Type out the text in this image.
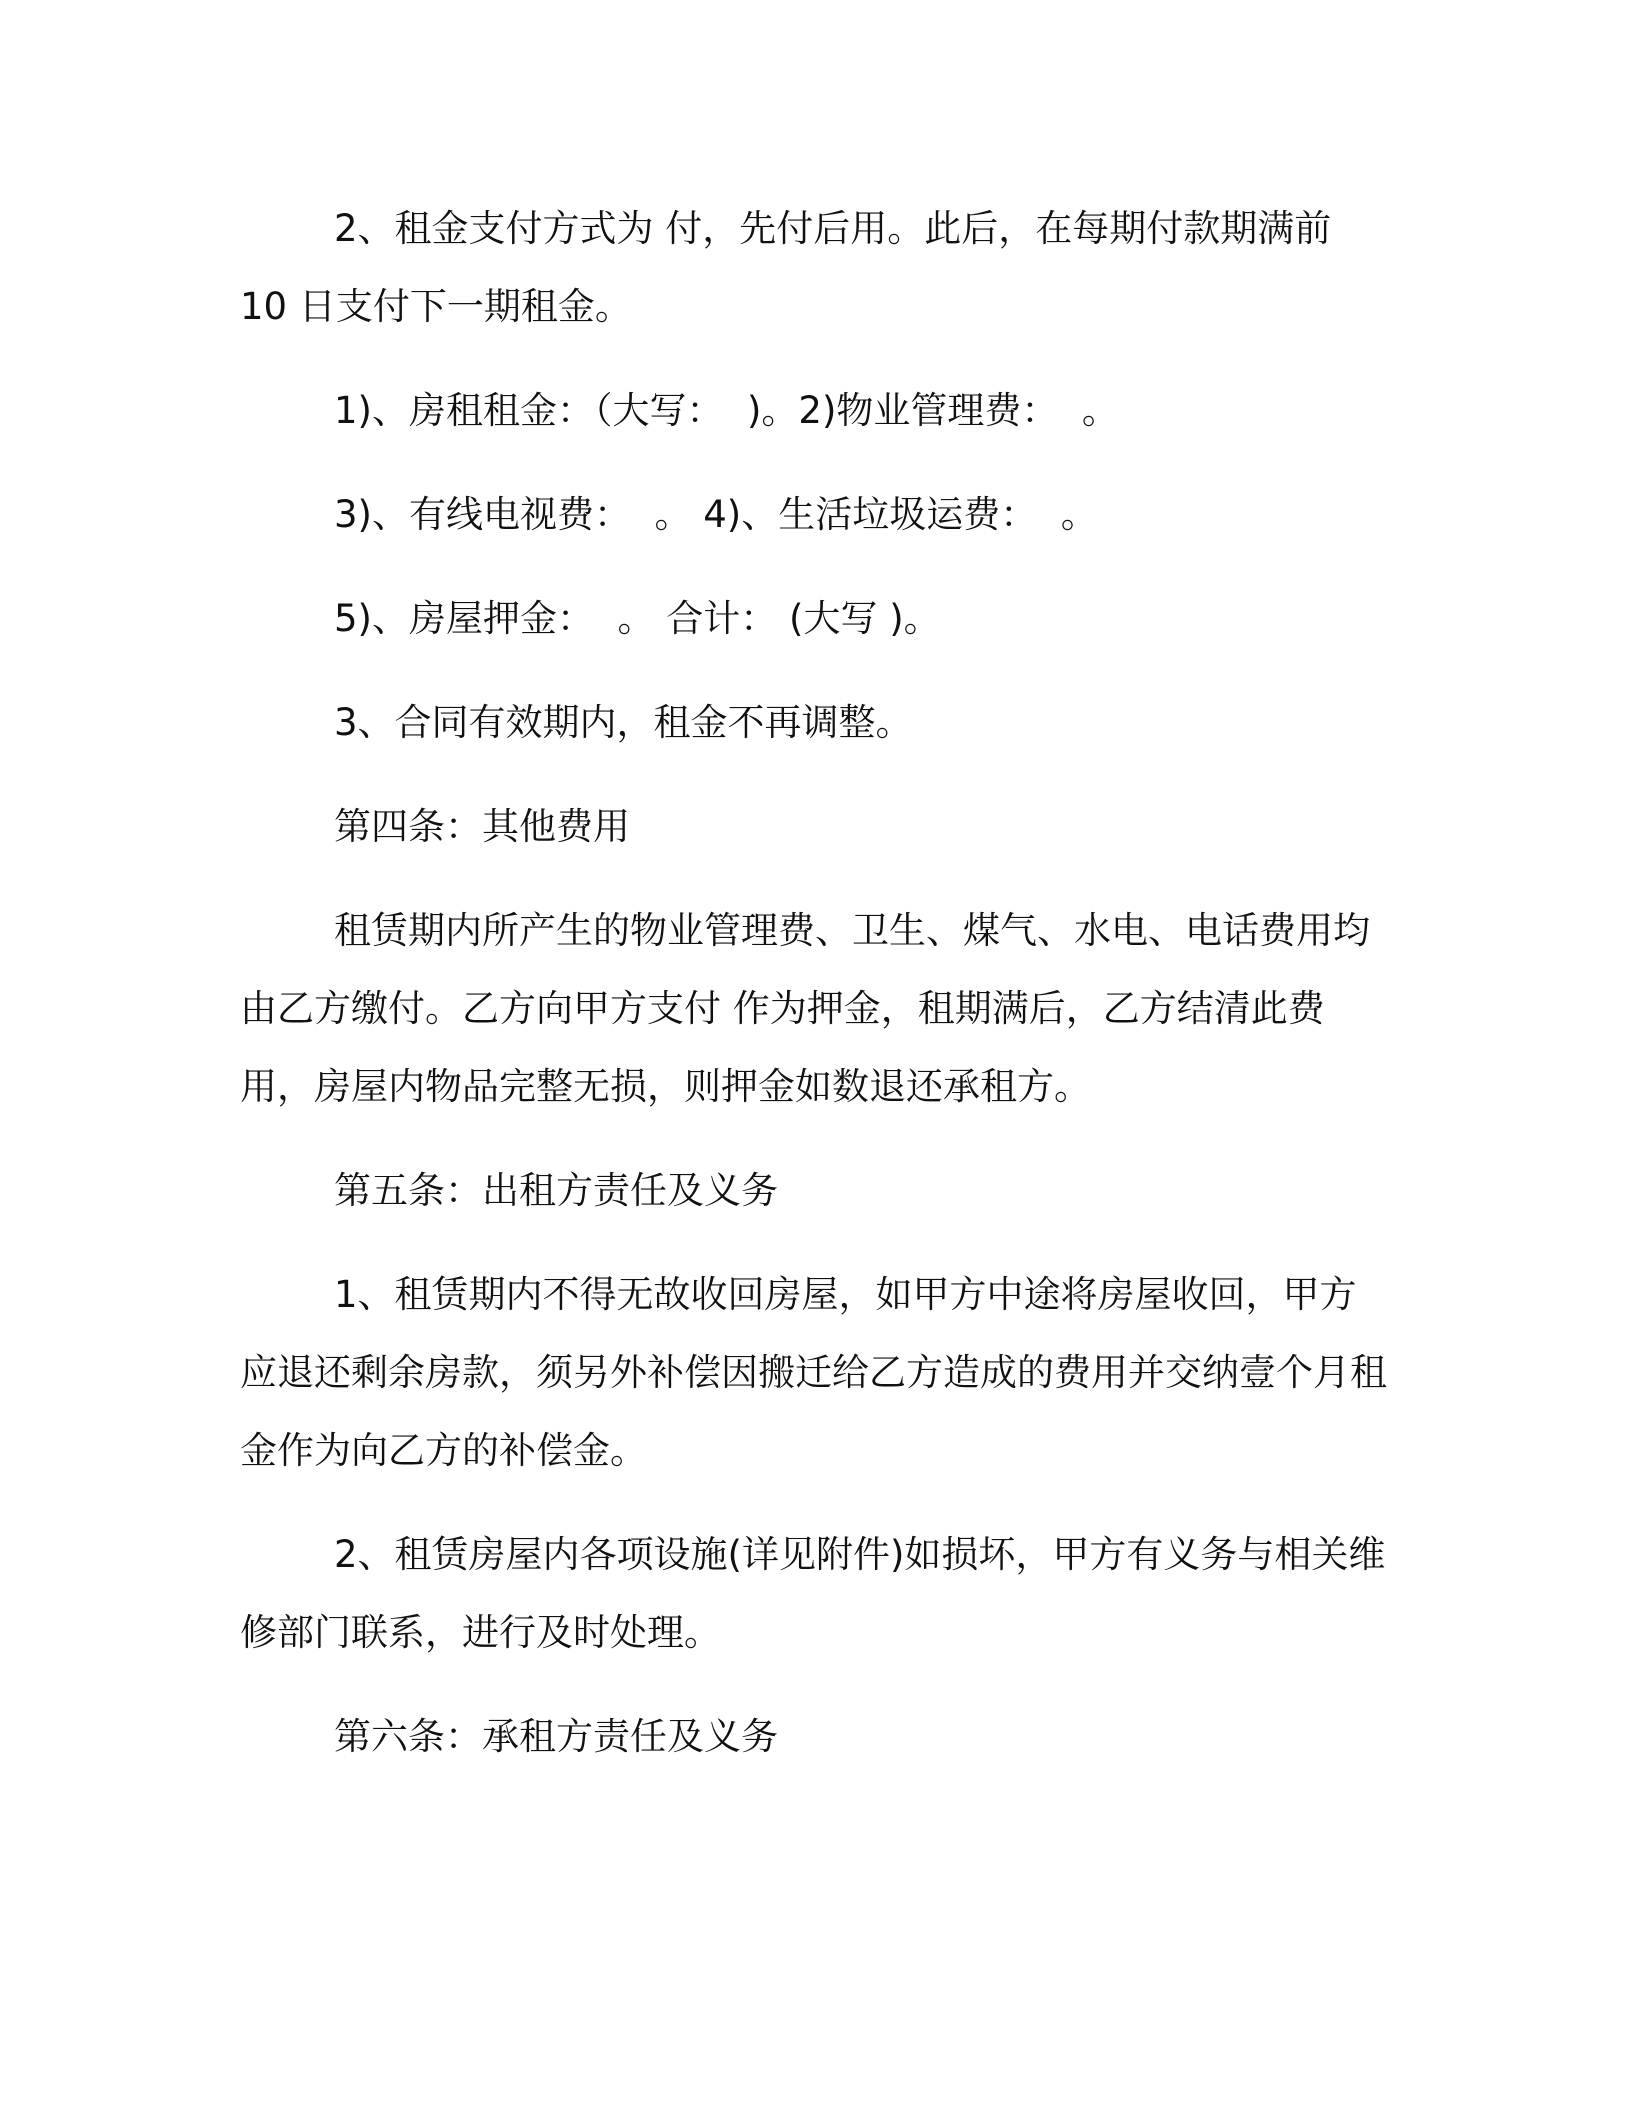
2、租金支付方式为 付，先付后用。此后，在每期付款期满前 10 日支付下一期租金。

1)、房租租金：（大写：  )。2)物业管理费：  。

3)、有线电视费：  。 4)、生活垃圾运费：  。

5)、房屋押金：  。 合计： (大写 )。

3、合同有效期内，租金不再调整。

第四条：其他费用

租赁期内所产生的物业管理费、卫生、煤气、水电、电话费用均由乙方缴付。乙方向甲方支付 作为押金，租期满后，乙方结清此费用，房屋内物品完整无损，则押金如数退还承租方。

第五条：出租方责任及义务

1、租赁期内不得无故收回房屋，如甲方中途将房屋收回，甲方应退还剩余房款，须另外补偿因搬迁给乙方造成的费用并交纳壹个月租金作为向乙方的补偿金。

2、租赁房屋内各项设施(详见附件)如损坏，甲方有义务与相关维修部门联系，进行及时处理。

第六条：承租方责任及义务
